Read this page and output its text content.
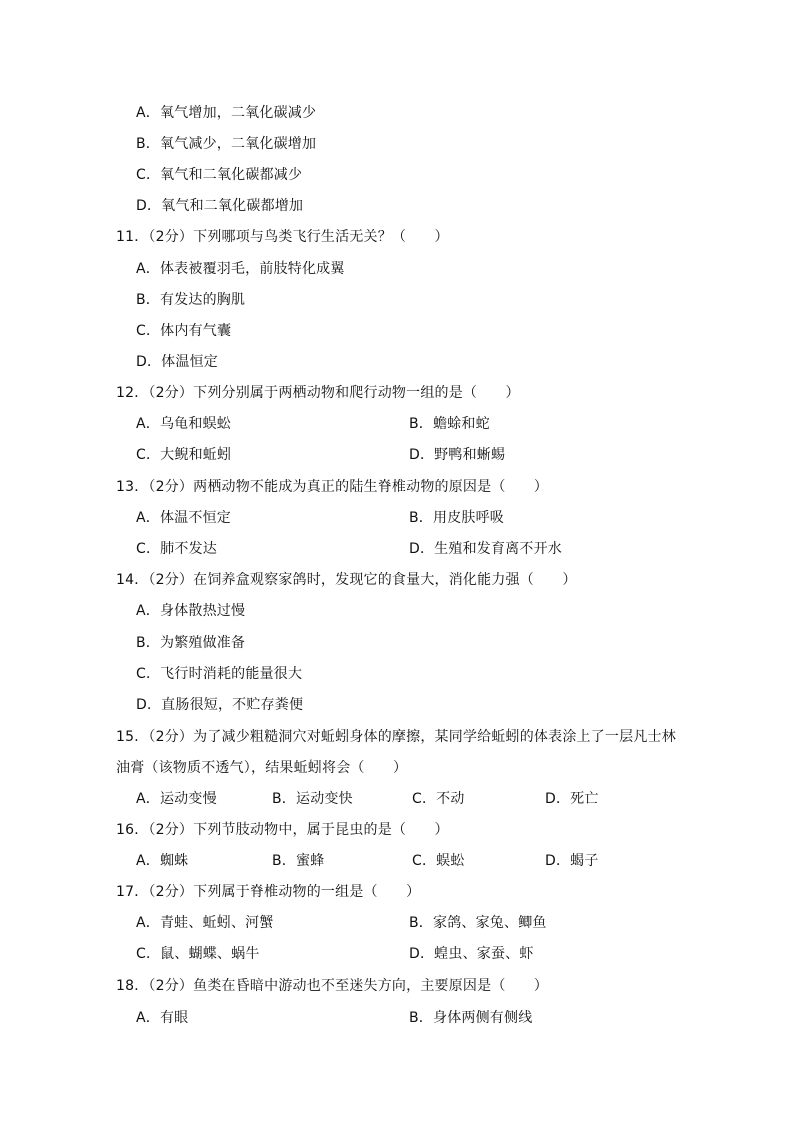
A．氧气增加，二氧化碳减少
B．氧气减少，二氧化碳增加
C．氧气和二氧化碳都减少
D．氧气和二氧化碳都增加
11．（2分）下列哪项与鸟类飞行生活无关？（　　）
A．体表被覆羽毛，前肢特化成翼
B．有发达的胸肌
C．体内有气囊
D．体温恒定
12．（2分）下列分别属于两栖动物和爬行动物一组的是（　　）
A．乌龟和蜈蚣	B．蟾蜍和蛇
C．大鲵和蚯蚓	D．野鸭和蜥蜴
13．（2分）两栖动物不能成为真正的陆生脊椎动物的原因是（　　）
A．体温不恒定	B．用皮肤呼吸
C．肺不发达	D．生殖和发育离不开水
14．（2分）在饲养盒观察家鸽时，发现它的食量大，消化能力强（　　）
A．身体散热过慢
B．为繁殖做准备
C．飞行时消耗的能量很大
D．直肠很短，不贮存粪便
15．（2分）为了减少粗糙洞穴对蚯蚓身体的摩擦，某同学给蚯蚓的体表涂上了一层凡士林
油膏（该物质不透气），结果蚯蚓将会（　　）
A．运动变慢	B．运动变快	C．不动	D．死亡
16．（2分）下列节肢动物中，属于昆虫的是（　　）
A．蜘蛛	B．蜜蜂	C．蜈蚣	D．蝎子
17．（2分）下列属于脊椎动物的一组是（　　）
A．青蛙、蚯蚓、河蟹	B．家鸽、家兔、鲫鱼
C．鼠、蝴蝶、蜗牛	D．蝗虫、家蚕、虾
18．（2分）鱼类在昏暗中游动也不至迷失方向，主要原因是（　　）
A．有眼	B．身体两侧有侧线
